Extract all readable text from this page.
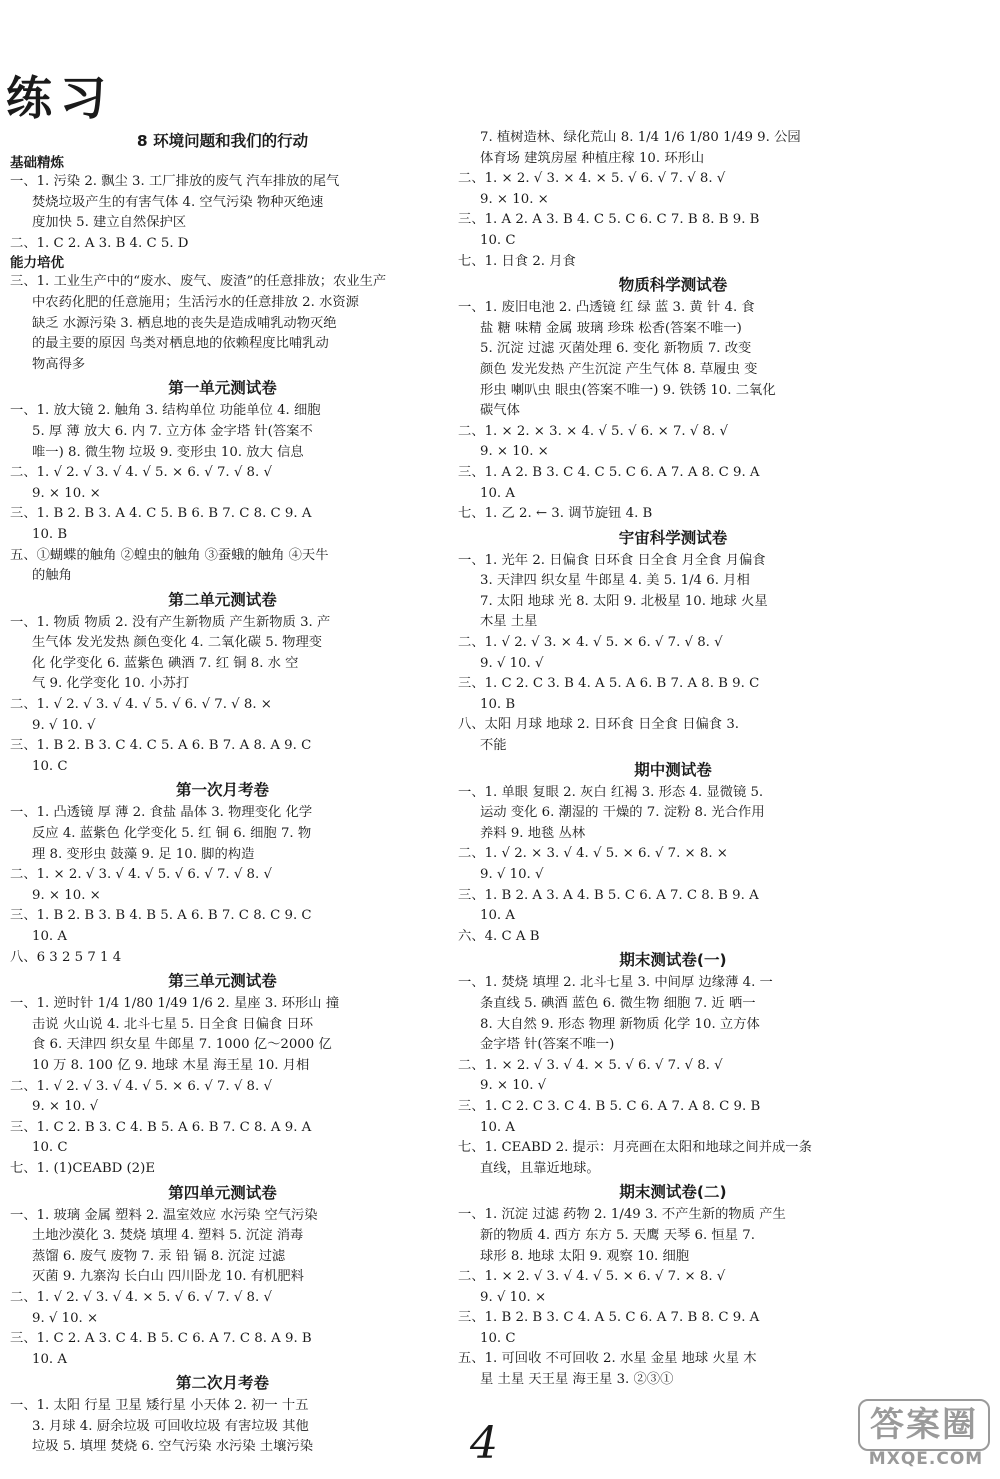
练习
8 环境问题和我们的行动
基础精炼
一、1. 污染 2. 飘尘 3. 工厂排放的废气 汽车排放的尾气
焚烧垃圾产生的有害气体 4. 空气污染 物种灭绝速
度加快 5. 建立自然保护区
二、1. C 2. A 3. B 4. C 5. D
能力培优
三、1. 工业生产中的“废水、废气、废渣”的任意排放；农业生产
中农药化肥的任意施用；生活污水的任意排放 2. 水资源
缺乏 水源污染 3. 栖息地的丧失是造成哺乳动物灭绝
的最主要的原因 鸟类对栖息地的依赖程度比哺乳动
物高得多
第一单元测试卷
一、1. 放大镜 2. 触角 3. 结构单位 功能单位 4. 细胞
5. 厚 薄 放大 6. 内 7. 立方体 金字塔 针(答案不
唯一) 8. 微生物 垃圾 9. 变形虫 10. 放大 信息
二、1. √ 2. √ 3. √ 4. √ 5. × 6. √ 7. √ 8. √
9. × 10. ×
三、1. B 2. B 3. A 4. C 5. B 6. B 7. C 8. C 9. A
10. B
五、①蝴蝶的触角 ②蝗虫的触角 ③蚕蛾的触角 ④天牛
的触角
第二单元测试卷
一、1. 物质 物质 2. 没有产生新物质 产生新物质 3. 产
生气体 发光发热 颜色变化 4. 二氧化碳 5. 物理变
化 化学变化 6. 蓝紫色 碘酒 7. 红 铜 8. 水 空
气 9. 化学变化 10. 小苏打
二、1. √ 2. √ 3. √ 4. √ 5. √ 6. √ 7. √ 8. ×
9. √ 10. √
三、1. B 2. B 3. C 4. C 5. A 6. B 7. A 8. A 9. C
10. C
第一次月考卷
一、1. 凸透镜 厚 薄 2. 食盐 晶体 3. 物理变化 化学
反应 4. 蓝紫色 化学变化 5. 红 铜 6. 细胞 7. 物
理 8. 变形虫 鼓藻 9. 足 10. 脚的构造
二、1. × 2. √ 3. √ 4. √ 5. √ 6. √ 7. √ 8. √
9. × 10. ×
三、1. B 2. B 3. B 4. B 5. A 6. B 7. C 8. C 9. C
10. A
八、6 3 2 5 7 1 4
第三单元测试卷
一、1. 逆时针 1/4 1/80 1/49 1/6 2. 星座 3. 环形山 撞
击说 火山说 4. 北斗七星 5. 日全食 日偏食 日环
食 6. 天津四 织女星 牛郎星 7. 1000 亿～2000 亿
10 万 8. 100 亿 9. 地球 木星 海王星 10. 月相
二、1. √ 2. √ 3. √ 4. √ 5. × 6. √ 7. √ 8. √
9. × 10. √
三、1. C 2. B 3. C 4. B 5. A 6. B 7. C 8. A 9. A
10. C
七、1. (1)CEABD (2)E
第四单元测试卷
一、1. 玻璃 金属 塑料 2. 温室效应 水污染 空气污染
土地沙漠化 3. 焚烧 填埋 4. 塑料 5. 沉淀 消毒
蒸馏 6. 废气 废物 7. 汞 铅 镉 8. 沉淀 过滤
灭菌 9. 九寨沟 长白山 四川卧龙 10. 有机肥料
二、1. √ 2. √ 3. √ 4. × 5. √ 6. √ 7. √ 8. √
9. √ 10. ×
三、1. C 2. A 3. C 4. B 5. C 6. A 7. C 8. A 9. B
10. A
第二次月考卷
一、1. 太阳 行星 卫星 矮行星 小天体 2. 初一 十五
3. 月球 4. 厨余垃圾 可回收垃圾 有害垃圾 其他
垃圾 5. 填埋 焚烧 6. 空气污染 水污染 土壤污染
7. 植树造林、绿化荒山 8. 1/4 1/6 1/80 1/49 9. 公园
体育场 建筑房屋 种植庄稼 10. 环形山
二、1. × 2. √ 3. × 4. × 5. √ 6. √ 7. √ 8. √
9. × 10. ×
三、1. A 2. A 3. B 4. C 5. C 6. C 7. B 8. B 9. B
10. C
七、1. 日食 2. 月食
物质科学测试卷
一、1. 废旧电池 2. 凸透镜 红 绿 蓝 3. 黄 针 4. 食
盐 糖 味精 金属 玻璃 珍珠 松香(答案不唯一)
5. 沉淀 过滤 灭菌处理 6. 变化 新物质 7. 改变
颜色 发光发热 产生沉淀 产生气体 8. 草履虫 变
形虫 喇叭虫 眼虫(答案不唯一) 9. 铁锈 10. 二氧化
碳气体
二、1. × 2. × 3. × 4. √ 5. √ 6. × 7. √ 8. √
9. × 10. ×
三、1. A 2. B 3. C 4. C 5. C 6. A 7. A 8. C 9. A
10. A
七、1. 乙 2. ← 3. 调节旋钮 4. B
宇宙科学测试卷
一、1. 光年 2. 日偏食 日环食 日全食 月全食 月偏食
3. 天津四 织女星 牛郎星 4. 美 5. 1/4 6. 月相
7. 太阳 地球 光 8. 太阳 9. 北极星 10. 地球 火星
木星 土星
二、1. √ 2. √ 3. × 4. √ 5. × 6. √ 7. √ 8. √
9. √ 10. √
三、1. C 2. C 3. B 4. A 5. A 6. B 7. A 8. B 9. C
10. B
八、太阳 月球 地球 2. 日环食 日全食 日偏食 3.
不能
期中测试卷
一、1. 单眼 复眼 2. 灰白 红褐 3. 形态 4. 显微镜 5.
运动 变化 6. 潮湿的 干燥的 7. 淀粉 8. 光合作用
养料 9. 地毯 丛林
二、1. √ 2. × 3. √ 4. √ 5. × 6. √ 7. × 8. ×
9. √ 10. √
三、1. B 2. A 3. A 4. B 5. C 6. A 7. C 8. B 9. A
10. A
六、4. C A B
期末测试卷(一)
一、1. 焚烧 填埋 2. 北斗七星 3. 中间厚 边缘薄 4. 一
条直线 5. 碘酒 蓝色 6. 微生物 细胞 7. 近 晒一
8. 大自然 9. 形态 物理 新物质 化学 10. 立方体
金字塔 针(答案不唯一)
二、1. × 2. √ 3. √ 4. × 5. √ 6. √ 7. √ 8. √
9. × 10. √
三、1. C 2. C 3. C 4. B 5. C 6. A 7. A 8. C 9. B
10. A
七、1. CEABD 2. 提示：月亮画在太阳和地球之间并成一条
直线，且靠近地球。
期末测试卷(二)
一、1. 沉淀 过滤 药物 2. 1/49 3. 不产生新的物质 产生
新的物质 4. 西方 东方 5. 天鹰 天琴 6. 恒星 7.
球形 8. 地球 太阳 9. 观察 10. 细胞
二、1. × 2. √ 3. √ 4. √ 5. × 6. √ 7. × 8. √
9. √ 10. ×
三、1. B 2. B 3. C 4. A 5. C 6. A 7. B 8. C 9. A
10. C
五、1. 可回收 不可回收 2. 水星 金星 地球 火星 木
星 土星 天王星 海王星 3. ②③①
4	答案圈
MXQE.COM
